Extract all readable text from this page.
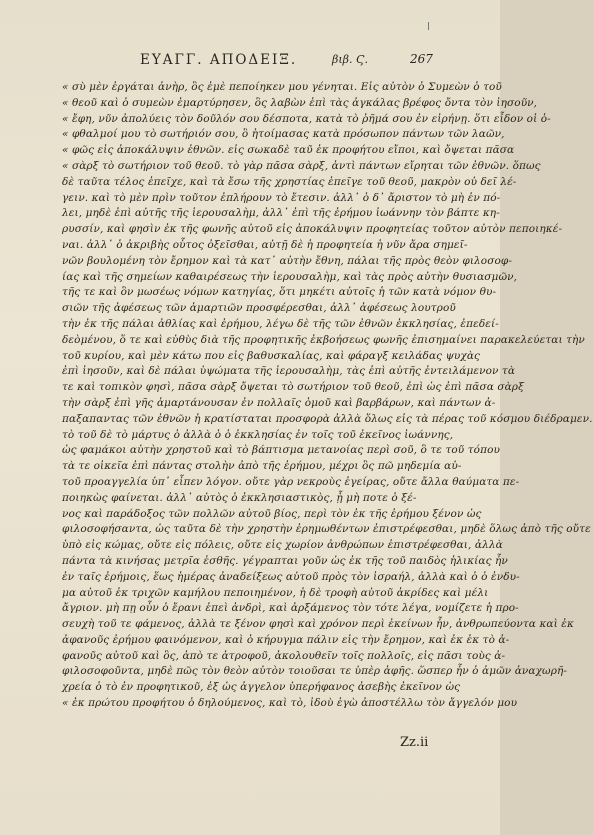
ΕΥΑΓΓ. ΑΠΟΔΕΙΞ.	βιβ. Ϛ.	267
« σὺ μὲν ἐργάται ἀνὴρ, ὃς ἐμὲ πεποίηκεν μου γένηται. Εἰς αὐτὸν ὁ Συμεὼν ὁ τοῦ
« θεοῦ καὶ ὁ συμεὼν ἐμαρτύρησεν, ὃς λαβὼν ἐπὶ τὰς ἀγκάλας βρέφος ὄντα τὸν ἰησοῦν,
« ἔφη, νῦν ἀπολύεις τὸν δοῦλόν σου δέσποτα, κατὰ τὸ ῥῆμά σου ἐν εἰρήνῃ. ὅτι εἶδον οἱ ὀ-
« φθαλμοί μου τὸ σωτήριόν σου, ὃ ἡτοίμασας κατὰ πρόσωπον πάντων τῶν λαῶν,
« φῶς εἰς ἀποκάλυψιν ἐθνῶν. εἰς σωκαδὲ ταῦ ἐκ προφήτου εἴποι, καὶ ὄψεται πᾶσα
« σὰρξ τὸ σωτήριον τοῦ θεοῦ. τὸ γὰρ πᾶσα σὰρξ, ἀντὶ πάντων εἴρηται τῶν ἐθνῶν. ὅπως
δὲ ταῦτα τέλος ἐπεῖχε, καὶ τὰ ἔσω τῆς χρηστίας ἐπεῖγε τοῦ θεοῦ, μακρὸν οὐ δεῖ λέ-
γειν. καὶ τὸ μὲν πρὶν τοῦτον ἐπλήρουν τὸ ἔτεσιν. ἀλλ᾽ ὁ δ᾽ ἄριστον τὸ μὴ ἐν πό-
λει, μηδὲ ἐπὶ αὐτῆς τῆς ἱερουσαλὴμ, ἀλλ᾽ ἐπὶ τῆς ἐρήμου ἰωάννην τὸν βάπτε κη-
ρυσσίν, καὶ φησὶν ἐκ τῆς φωνῆς αὐτοῦ εἰς ἀποκάλυψιν προφητείας τοῦτον αὐτὸν πεποιηκέ-
ναι. ἀλλ᾽ ὁ ἀκριβὴς οὗτος ὀξεῖσθαι, αὐτῇ δὲ ἡ προφητεία ἡ νῦν ἄρα σημεῖ-
νῶν βουλομένη τὸν ἔρημον καὶ τὰ κατ᾽ αὐτὴν ἔθνη, πάλαι τῆς πρὸς θεὸν φιλοσοφ-
ίας καὶ τῆς σημείων καθαιρέσεως τὴν ἱερουσαλὴμ, καὶ τὰς πρὸς αὐτὴν θυσιασμῶν,
τῆς τε καὶ ὃν μωσέως νόμων κατηγίας, ὅτι μηκέτι αὐτοῖς ἡ τῶν κατὰ νόμον θυ-
σιῶν τῆς ἀφέσεως τῶν ἁμαρτιῶν προσφέρεσθαι, ἀλλ᾽ ἀφέσεως λουτροῦ
τὴν ἐκ τῆς πάλαι ἀθλίας καὶ ἐρήμου, λέγω δὲ τῆς τῶν ἐθνῶν ἐκκλησίας, ἐπεδεί-
δεὸμένου, ὅ τε καὶ εὐθὺς διὰ τῆς προφητικῆς ἐκβοήσεως φωνῆς ἐπισημαίνει παρακελεύεται τὴν
τοῦ κυρίου, καὶ μὲν κάτω που εἰς βαθυσκαλίας, καὶ φάραγξ κειλάδας ψυχὰς
ἐπὶ ἰησοῦν, καὶ δὲ πάλαι ὑψώματα τῆς ἱερουσαλὴμ, τὰς ἐπὶ αὐτῆς ἐντειλάμενον τὰ
τε καὶ τοπικὸν φησὶ, πᾶσα σὰρξ ὄψεται τὸ σωτήριον τοῦ θεοῦ, ἐπὶ ὡς ἐπὶ πᾶσα σὰρξ
τὴν σὰρξ ἐπὶ γῆς ἁμαρτάνουσαν ἐν πολλαῖς ὁμοῦ καὶ βαρβάρων, καὶ πάντων ἀ-
παξαπαντας τῶν ἐθνῶν ἡ κρατίσταται προσφορὰ ἀλλὰ ὅλως εἰς τὰ πέρας τοῦ κόσμου διέδραμεν.
τὸ τοῦ δὲ τὸ μάρτυς ὁ ἀλλὰ ὁ ὁ ἐκκλησίας ἐν τοῖς τοῦ ἐκεῖνος ἰωάννης,
ὡς φαμάκοι αὐτὴν χρηστοῦ καὶ τὸ βάπτισμα μετανοίας περὶ σοῦ, ὃ τε τοῦ τόπου
τὰ τε οἰκεῖα ἐπὶ πάντας στολὴν ἀπὸ τῆς ἐρήμου, μέχρι ὃς πῶ μηδεμία αὐ-
τοῦ προαγγελία ὑπ᾽ εἶπεν λόγον. οὔτε γὰρ νεκροὺς ἐγείρας, οὔτε ἄλλα θαύματα πε-
ποιηκὼς φαίνεται. ἀλλ᾽ αὐτὸς ὁ ἐκκλησιαστικὸς, ᾗ μὴ ποτε ὁ ξέ-
νος καὶ παράδοξος τῶν πολλῶν αὐτοῦ βίος, περὶ τὸν ἐκ τῆς ἐρήμου ξένον ὡς
φιλοσοφήσαντα, ὡς ταῦτα δὲ τὴν χρηστὴν ἐρημωθέντων ἐπιστρέφεσθαι, μηδὲ ὅλως ἀπὸ τῆς οὔτε
ὑπὸ εἰς κώμας, οὔτε εἰς πόλεις, οὔτε εἰς χωρίον ἀνθρώπων ἐπιστρέφεσθαι, ἀλλὰ
πάντα τὰ κινήσας μετρῖα ἐσθῆς. γέγραπται γοῦν ὡς ἐκ τῆς τοῦ παιδὸς ἡλικίας ἦν
ἐν ταῖς ἐρήμοις, ἕως ἡμέρας ἀναδείξεως αὐτοῦ πρὸς τὸν ἰσραήλ, ἀλλὰ καὶ ὁ ὁ ἐνδυ-
μα αὐτοῦ ἐκ τριχῶν καμήλου πεποιημένον, ἡ δὲ τροφὴ αὐτοῦ ἀκρίδες καὶ μέλι
ἄγριον. μὴ πῃ οὖν ὁ ἔρανι ἐπεὶ ἀνδρὶ, καὶ ἀρξάμενος τὸν τότε λέγα, νομίζετε ἡ προ-
σευχὴ τοῦ τε φάμενος, ἀλλὰ τε ξένον φησὶ καὶ χρόνον περὶ ἐκείνων ἦν, ἀνθρωπεύοντα καὶ ἐκ
ἀφανοῦς ἐρήμου φαινόμενον, καὶ ὁ κήρυγμα πάλιν εἰς τὴν ἔρημον, καὶ ἐκ ἐκ τὸ ἀ-
φανοῦς αὐτοῦ καὶ ὃς, ἀπὸ τε ἀτροφοῦ, ἀκολουθεῖν τοῖς πολλοῖς, εἰς πᾶσι τοὺς ἀ-
φιλοσοφοῦντα, μηδὲ πῶς τὸν θεὸν αὐτὸν τοιοῦσαι τε ὑπὲρ ἀφῆς. ὥσπερ ἦν ὁ ἀμῶν ἀναχωρῆ-
χρεία ὁ τὸ ἐν προφητικοῦ, ἐξ ὡς ἀγγελον ὑπερήφανος ἀσεβὴς ἐκεῖνον ὡς
« ἐκ πρώτου προφήτου ὁ δηλούμενος, καὶ τὸ, ἰδοὺ ἐγὼ ἀποστέλλω τὸν ἄγγελόν μου
Zz.ii
